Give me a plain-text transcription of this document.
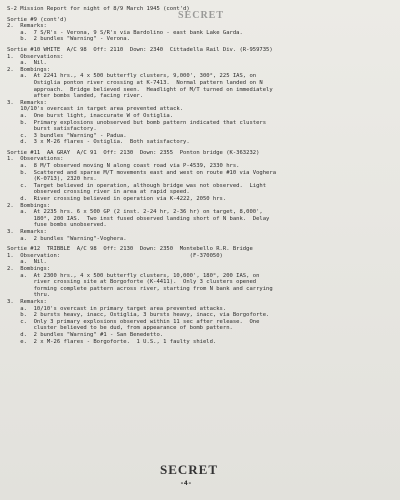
SECRET
S-2 Mission Report for night of 8/9 March 1945 (cont'd)
Sortie #9 (cont'd)
2.  Remarks:
a.  7 S/R's - Verona, 9 S/R's via Bardolino - east bank Lake Garda.
b.  2 bundles "Warning" - Verona.
Sortie #10 WHITE  A/C 98  Off: 2110  Down: 2340  Cittadella Rail Div. (R-959735)
1.  Observations:
a.  Nil.
2.  Bombings:
a.  At 2241 hrs., 4 x 500 butterfly clusters, 9,000', 300°, 225 IAS, on
Ostiglia ponton river crossing at K-7413.  Normal pattern landed on N
approach.  Bridge believed seen.  Headlight of M/T turned on immediately
after bombs landed, facing river.
3.  Remarks:
10/10's overcast in target area prevented attack.
a.  One burst light, inaccurate W of Ostiglia.
b.  Primary explosions unobserved but bomb pattern indicated that clusters
burst satisfactory.
c.  3 bundles "Warning" - Padua.
d.  3 x M-26 flares - Ostiglia.  Both satisfactory.
Sortie #11  AA GRAY  A/C 91  Off: 2130  Down: 2355  Ponton bridge (K-363232)
1.  Observations:
a.  8 M/T observed moving N along coast road via P-4539, 2330 hrs.
b.  Scattered and sparse M/T movements east and west on route #10 via Voghera
(K-0713), 2320 hrs.
c.  Target believed in operation, although bridge was not observed.  Light
observed crossing river in area at rapid speed.
d.  River crossing believed in operation via K-4222, 2050 hrs.
2.  Bombings:
a.  At 2235 hrs. 6 x 500 GP (2 inst. 2-24 hr, 2-36 hr) on target, 8,000',
180°, 200 IAS.  Two inst fused observed landing short of N bank.  Delay
fuse bombs unobserved.
3.  Remarks:
a.  2 bundles "Warning"-Voghera.
Sortie #12  TRIBBLE  A/C 98  Off: 2130  Down: 2350  Montebello R.R. Bridge
1.  Observation:                                       (F-370050)
a.  Nil.
2.  Bombings:
a.  At 2300 hrs., 4 x 500 butterfly clusters, 10,000', 180°, 200 IAS, on
river crossing site at Borgoforte (K-4411).  Only 3 clusters opened
forming complete pattern across river, starting from N bank and carrying
thru.
3.  Remarks:
a.  10/10's overcast in primary target area prevented attacks.
b.  2 bursts heavy, inacc, Ostiglia, 3 bursts heavy, inacc, via Borgoforte.
c.  Only 3 primary explosions observed within 11 sec after release.  One
cluster believed to be dud, from appearance of bomb pattern.
d.  2 bundles "Warning" #1 - San Benedetto.
e.  2 x M-26 flares - Borgoforte.  1 U.S., 1 faulty shield.
SECRET
-4-
